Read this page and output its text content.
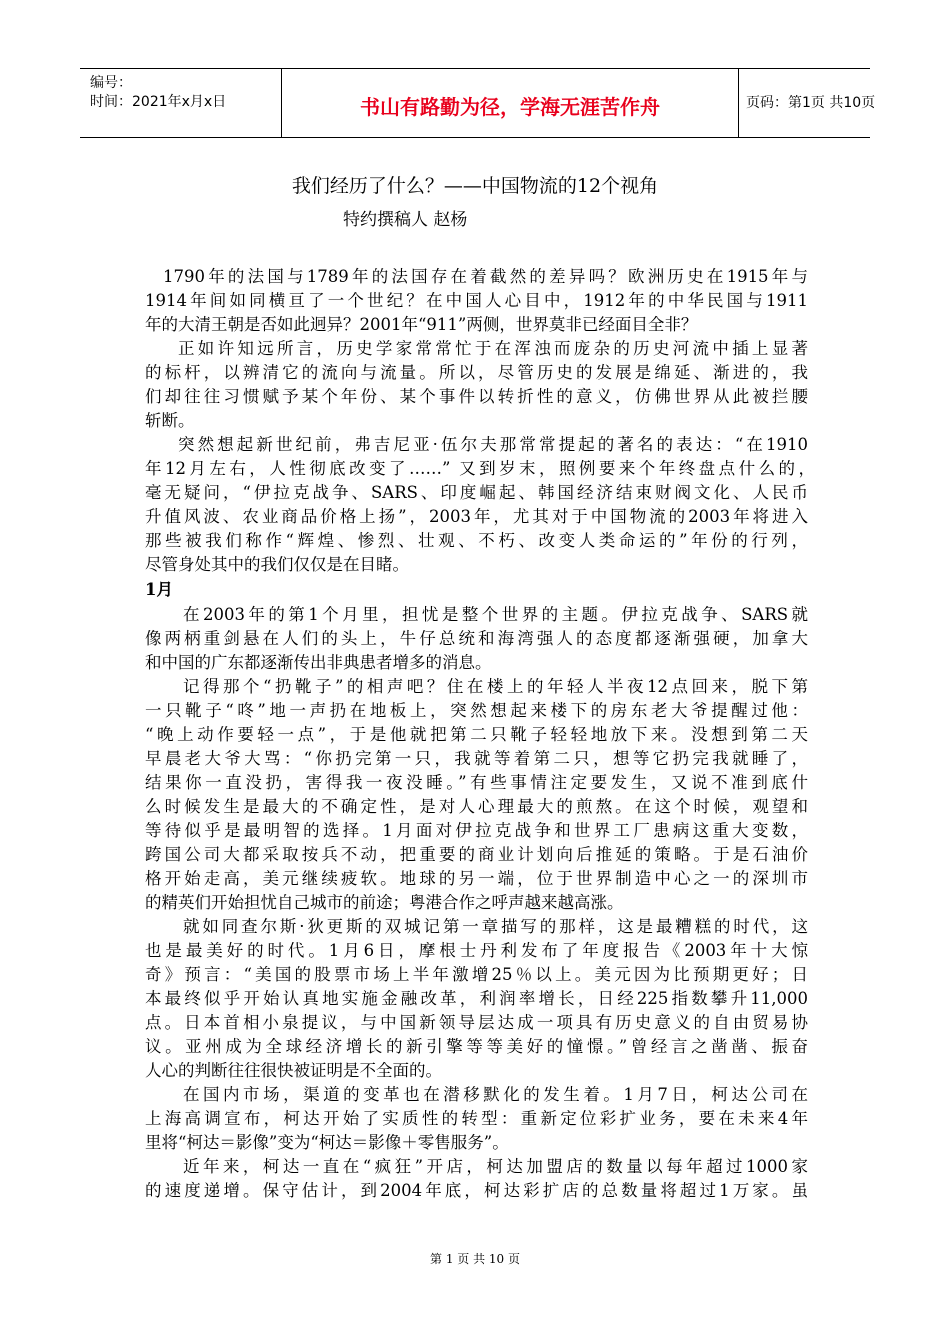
编号：
时间：2021年x月x日	书山有路勤为径，学海无涯苦作舟	页码：第1页 共10页
我们经历了什么？——中国物流的12个视角
特约撰稿人 赵杨
1790年的法国与1789年的法国存在着截然的差异吗？欧洲历史在1915年与
1914年间如同横亘了一个世纪？在中国人心目中，1912年的中华民国与1911
年的大清王朝是否如此迥异？2001年“911”两侧，世界莫非已经面目全非？
正如许知远所言，历史学家常常忙于在浑浊而庞杂的历史河流中插上显著
的标杆，以辨清它的流向与流量。所以，尽管历史的发展是绵延、渐进的，我
们却往往习惯赋予某个年份、某个事件以转折性的意义，仿佛世界从此被拦腰
斩断。
突然想起新世纪前，弗吉尼亚·伍尔夫那常常提起的著名的表达：“在1910
年12月左右，人性彻底改变了……” 又到岁末，照例要来个年终盘点什么的，
毫无疑问，“伊拉克战争、SARS、印度崛起、韩国经济结束财阀文化、人民币
升值风波、农业商品价格上扬”，2003年，尤其对于中国物流的2003年将进入
那些被我们称作“辉煌、惨烈、壮观、不朽、改变人类命运的”年份的行列，
尽管身处其中的我们仅仅是在目睹。
1月
在2003年的第1个月里，担忧是整个世界的主题。伊拉克战争、SARS就
像两柄重剑悬在人们的头上，牛仔总统和海湾强人的态度都逐渐强硬，加拿大
和中国的广东都逐渐传出非典患者增多的消息。
记得那个“扔靴子”的相声吧？住在楼上的年轻人半夜12点回来，脱下第
一只靴子“咚”地一声扔在地板上，突然想起来楼下的房东老大爷提醒过他：
“晚上动作要轻一点”，于是他就把第二只靴子轻轻地放下来。没想到第二天
早晨老大爷大骂：“你扔完第一只，我就等着第二只，想等它扔完我就睡了，
结果你一直没扔，害得我一夜没睡。”有些事情注定要发生，又说不准到底什
么时候发生是最大的不确定性，是对人心理最大的煎熬。在这个时候，观望和
等待似乎是最明智的选择。1月面对伊拉克战争和世界工厂患病这重大变数，
跨国公司大都采取按兵不动，把重要的商业计划向后推延的策略。于是石油价
格开始走高，美元继续疲软。地球的另一端，位于世界制造中心之一的深圳市
的精英们开始担忧自己城市的前途；粤港合作之呼声越来越高涨。
就如同查尔斯·狄更斯的双城记第一章描写的那样，这是最糟糕的时代，这
也是最美好的时代。1月6日，摩根士丹利发布了年度报告《2003年十大惊
奇》预言：“美国的股票市场上半年激增25％以上。美元因为比预期更好；日
本最终似乎开始认真地实施金融改革，利润率增长，日经225指数攀升11,000
点。日本首相小泉提议，与中国新领导层达成一项具有历史意义的自由贸易协
议。亚州成为全球经济增长的新引擎等等美好的憧憬。”曾经言之凿凿、振奋
人心的判断往往很快被证明是不全面的。
在国内市场，渠道的变革也在潜移默化的发生着。1月7日，柯达公司在
上海高调宣布，柯达开始了实质性的转型：重新定位彩扩业务，要在未来4年
里将“柯达＝影像”变为“柯达＝影像＋零售服务”。
近年来，柯达一直在“疯狂”开店，柯达加盟店的数量以每年超过1000家
的速度递增。保守估计，到2004年底，柯达彩扩店的总数量将超过1万家。虽
第 1 页 共 10 页
